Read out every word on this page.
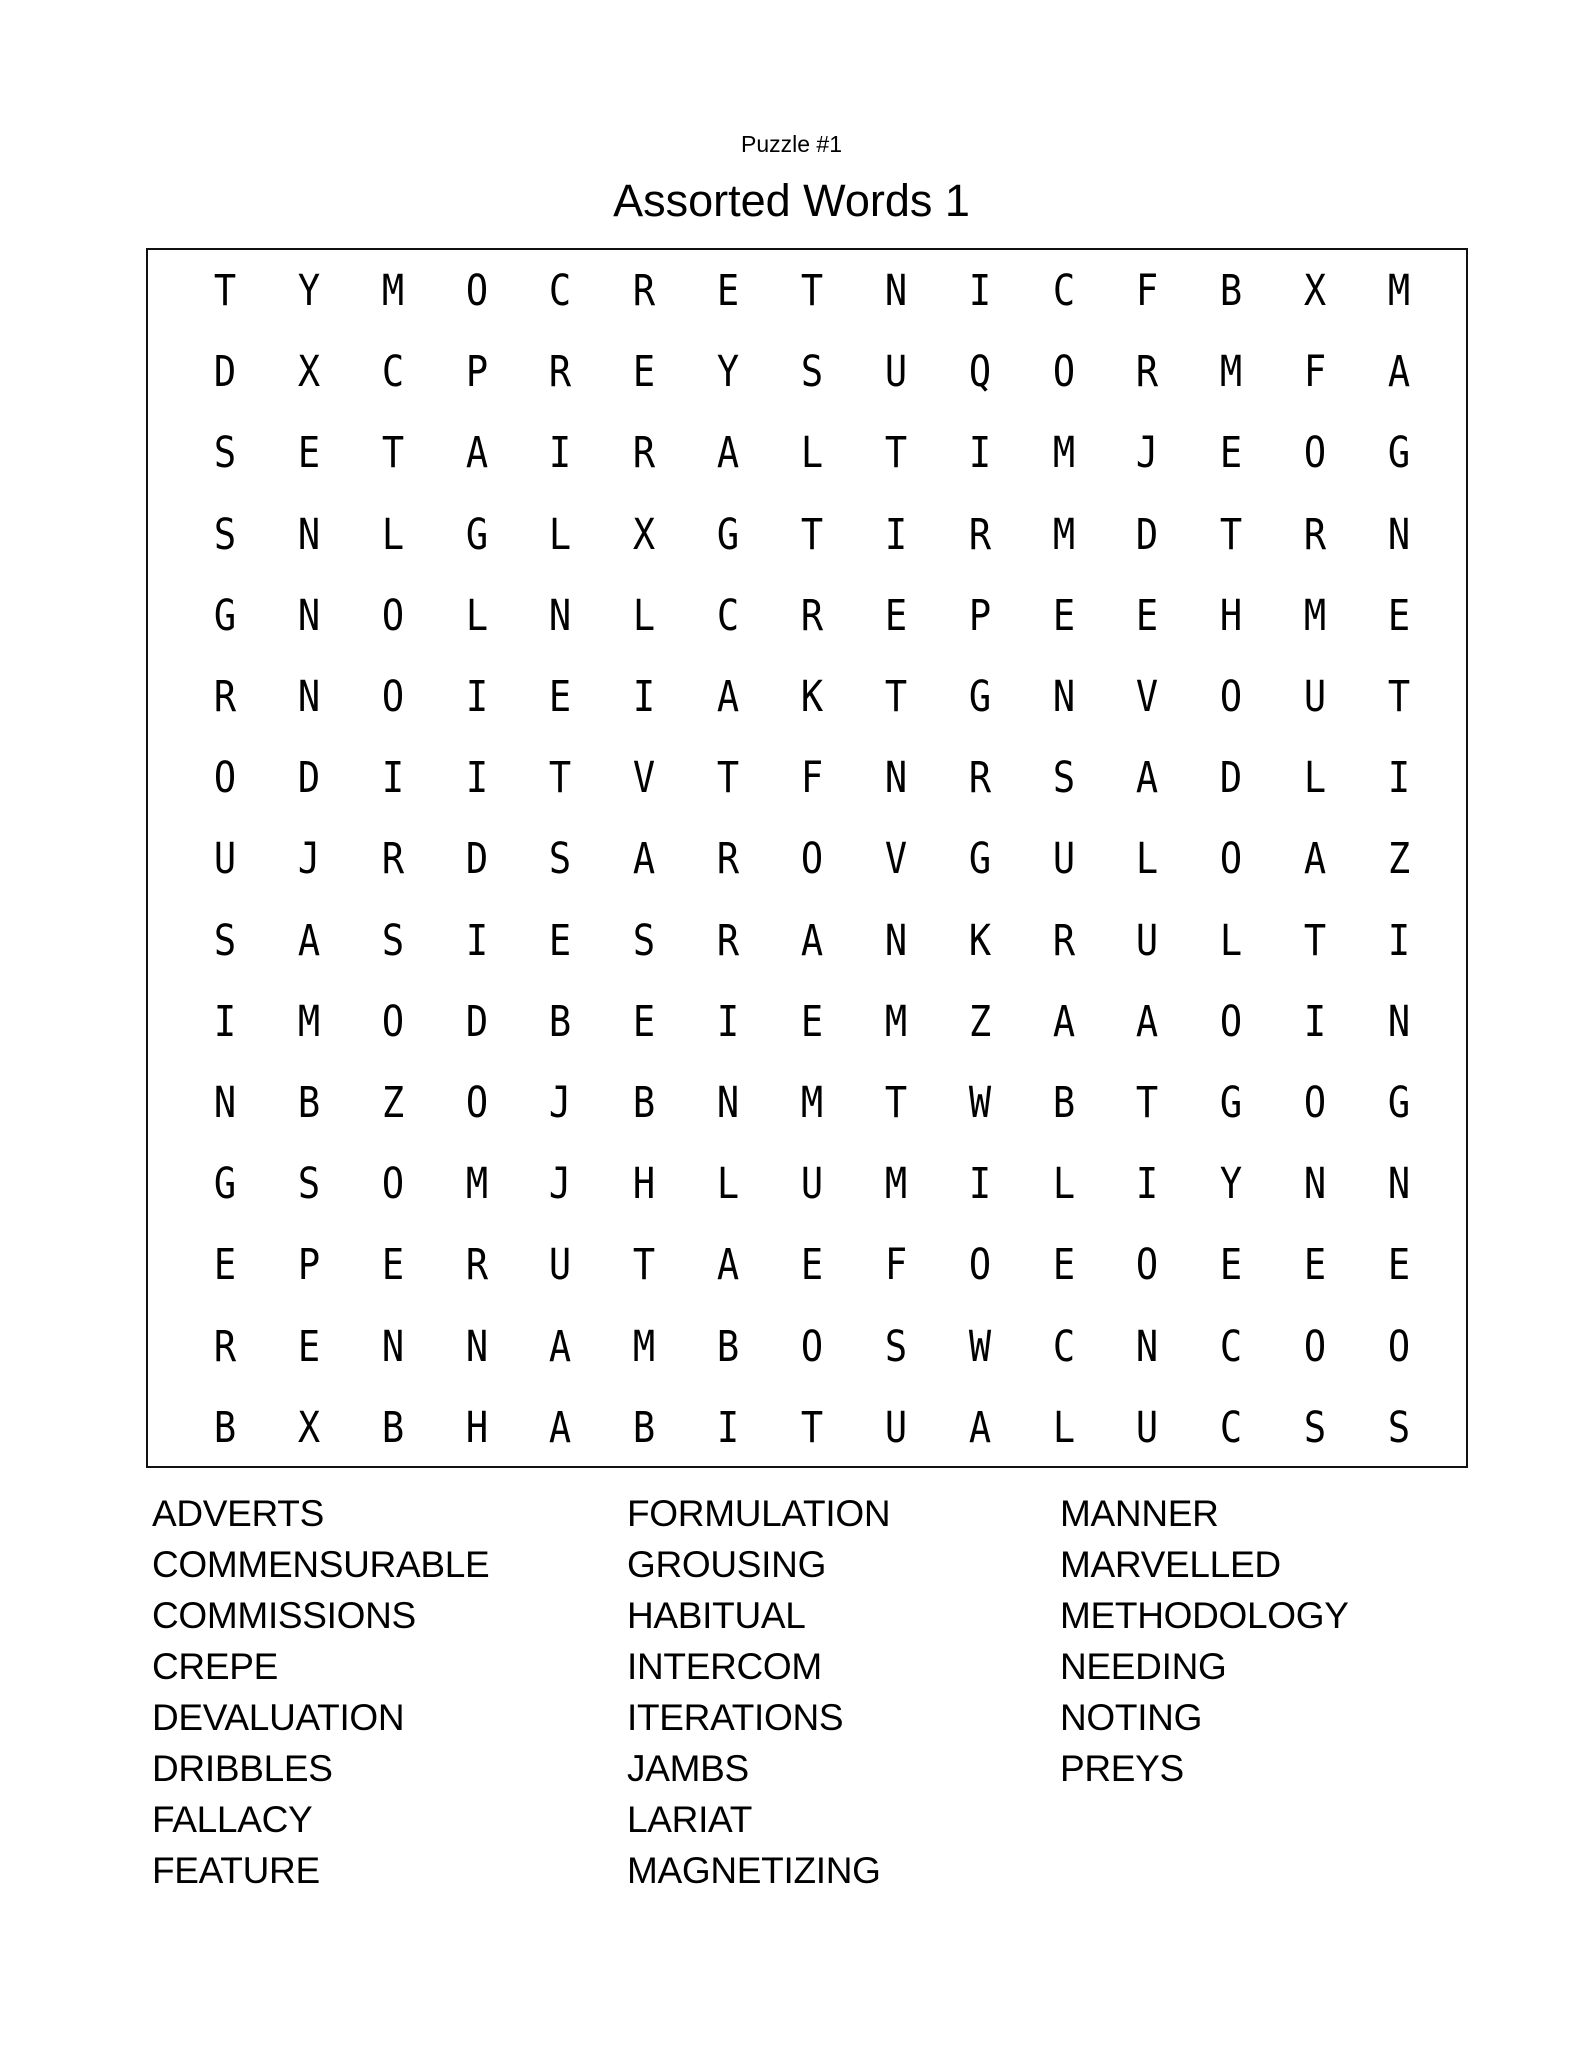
Puzzle #1
Assorted Words 1
T	Y	M	O	C	R	E	T	N	I	C	F	B	X	M
D	X	C	P	R	E	Y	S	U	Q	O	R	M	F	A
S	E	T	A	I	R	A	L	T	I	M	J	E	O	G
S	N	L	G	L	X	G	T	I	R	M	D	T	R	N
G	N	O	L	N	L	C	R	E	P	E	E	H	M	E
R	N	O	I	E	I	A	K	T	G	N	V	O	U	T
O	D	I	I	T	V	T	F	N	R	S	A	D	L	I
U	J	R	D	S	A	R	O	V	G	U	L	O	A	Z
S	A	S	I	E	S	R	A	N	K	R	U	L	T	I
I	M	O	D	B	E	I	E	M	Z	A	A	O	I	N
N	B	Z	O	J	B	N	M	T	W	B	T	G	O	G
G	S	O	M	J	H	L	U	M	I	L	I	Y	N	N
E	P	E	R	U	T	A	E	F	O	E	O	E	E	E
R	E	N	N	A	M	B	O	S	W	C	N	C	O	O
B	X	B	H	A	B	I	T	U	A	L	U	C	S	S
ADVERTS
COMMENSURABLE
COMMISSIONS
CREPE
DEVALUATION
DRIBBLES
FALLACY
FEATURE
FORMULATION
GROUSING
HABITUAL
INTERCOM
ITERATIONS
JAMBS
LARIAT
MAGNETIZING
MANNER
MARVELLED
METHODOLOGY
NEEDING
NOTING
PREYS
